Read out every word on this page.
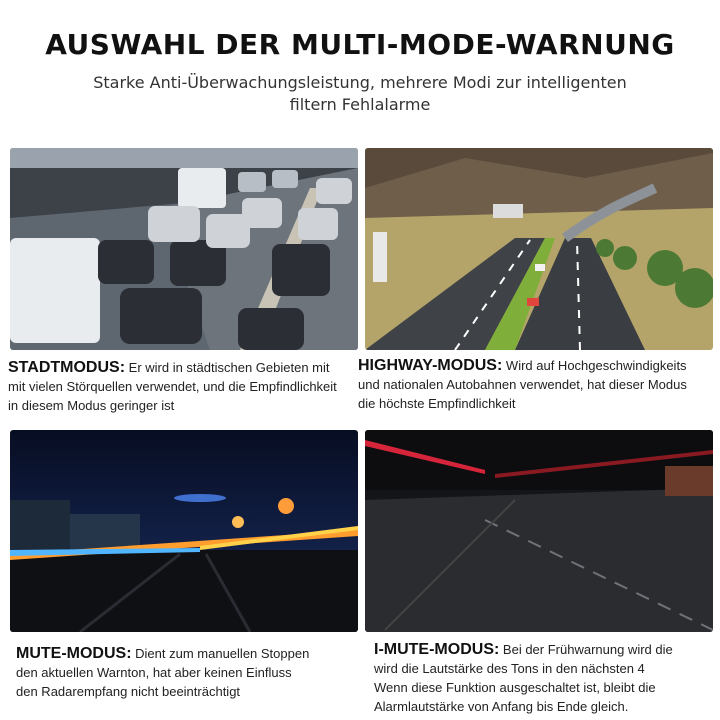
AUSWAHL DER MULTI-MODE-WARNUNG
Starke Anti-Überwachungsleistung, mehrere Modi zur intelligenten
filtern Fehlalarme
STADTMODUS: Er wird in städtischen Gebieten mit
mit vielen Störquellen verwendet, und die Empfindlichkeit
in diesem Modus geringer ist
HIGHWAY-MODUS: Wird auf Hochgeschwindigkeits
und nationalen Autobahnen verwendet, hat dieser Modus
die höchste Empfindlichkeit
MUTE-MODUS: Dient zum manuellen Stoppen
den aktuellen Warnton, hat aber keinen Einfluss
den Radarempfang nicht beeinträchtigt
I-MUTE-MODUS: Bei der Frühwarnung wird die
wird die Lautstärke des Tons in den nächsten 4
Wenn diese Funktion ausgeschaltet ist, bleibt die
Alarmlautstärke von Anfang bis Ende gleich.
